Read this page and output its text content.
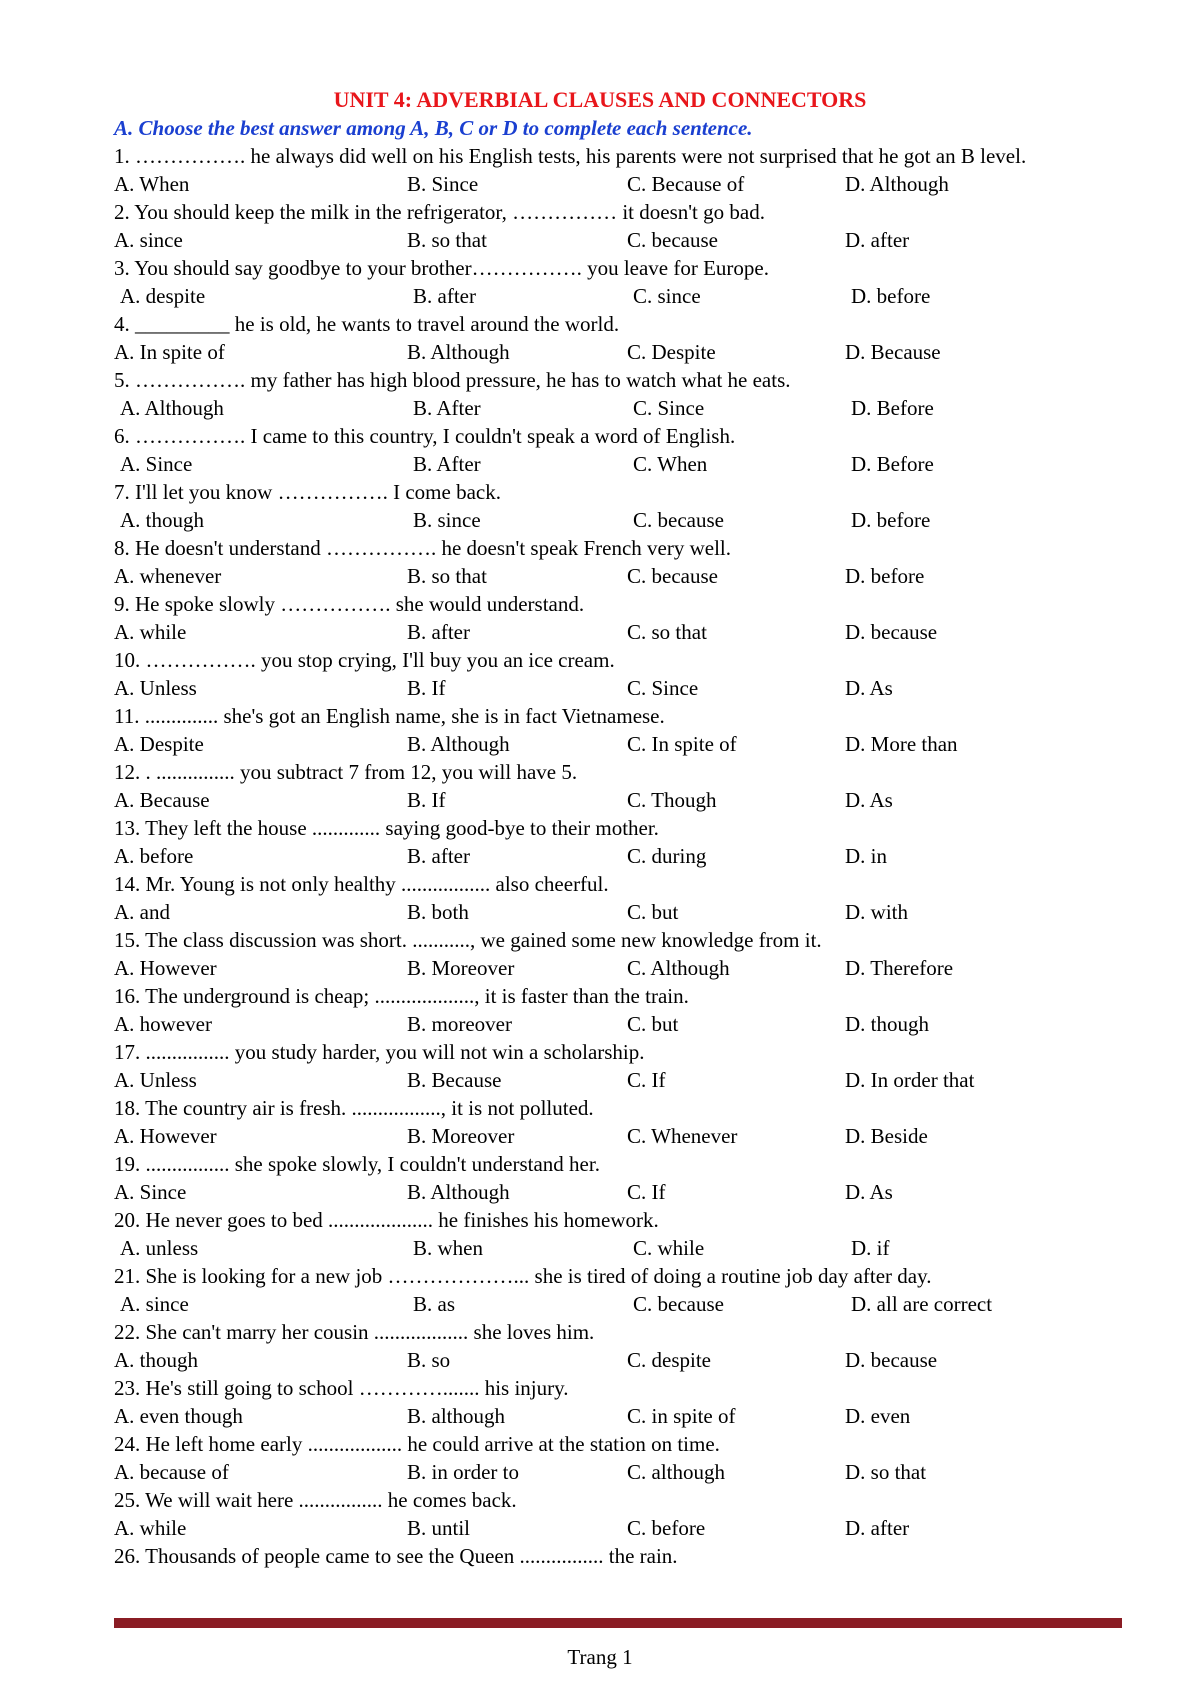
UNIT 4: ADVERBIAL CLAUSES AND CONNECTORS
A. Choose the best answer among A, B, C or D to complete each sentence.
1. ……………. he always did well on his English tests, his parents were not surprised that he got an B level.
A. When	B. Since	C. Because of	D. Although
2. You should keep the milk in the refrigerator, …………… it doesn't go bad.
A. since	B. so that	C. because	D. after
3. You should say goodbye to your brother……………. you leave for Europe.
A. despite	B. after	C. since	D. before
4. _________ he is old, he wants to travel around the world.
A. In spite of	B. Although	C. Despite	D. Because
5. ……………. my father has high blood pressure, he has to watch what he eats.
A. Although	B. After	C. Since	D. Before
6. ……………. I came to this country, I couldn't speak a word of English.
A. Since	B. After	C. When	D. Before
7. I'll let you know ……………. I come back.
A. though	B. since	C. because	D. before
8. He doesn't understand ……………. he doesn't speak French very well.
A. whenever	B. so that	C. because	D. before
9. He spoke slowly ……………. she would understand.
A. while	B. after	C. so that	D. because
10. ……………. you stop crying, I'll buy you an ice cream.
A. Unless	B. If	C. Since	D. As
11. .............. she's got an English name, she is in fact Vietnamese.
A. Despite	B. Although	C. In spite of	D. More than
12. . ............... you subtract 7 from 12, you will have 5.
A. Because	B. If	C. Though	D. As
13. They left the house ............. saying good-bye to their mother.
A. before	B. after	C. during	D. in
14. Mr. Young is not only healthy ................. also cheerful.
A. and	B. both	C. but	D. with
15. The class discussion was short. ..........., we gained some new knowledge from it.
A. However	B. Moreover	C. Although	D. Therefore
16. The underground is cheap; ..................., it is faster than the train.
A. however	B. moreover	C. but	D. though
17. ................ you study harder, you will not win a scholarship.
A. Unless	B. Because	C. If	D. In order that
18. The country air is fresh. ................., it is not polluted.
A. However	B. Moreover	C. Whenever	D. Beside
19. ................ she spoke slowly, I couldn't understand her.
A. Since	B. Although	C. If	D. As
20. He never goes to bed .................... he finishes his homework.
A. unless	B. when	C. while	D. if
21. She is looking for a new job ………………... she is tired of doing a routine job day after day.
A. since	B. as	C. because	D. all are correct
22. She can't marry her cousin .................. she loves him.
A. though	B. so	C. despite	D. because
23. He's still going to school …………....... his injury.
A. even though	B. although	C. in spite of	D. even
24. He left home early .................. he could arrive at the station on time.
A. because of	B. in order to	C. although	D. so that
25. We will wait here ................ he comes back.
A. while	B. until	C. before	D. after
26. Thousands of people came to see the Queen ................ the rain.
Trang 1
